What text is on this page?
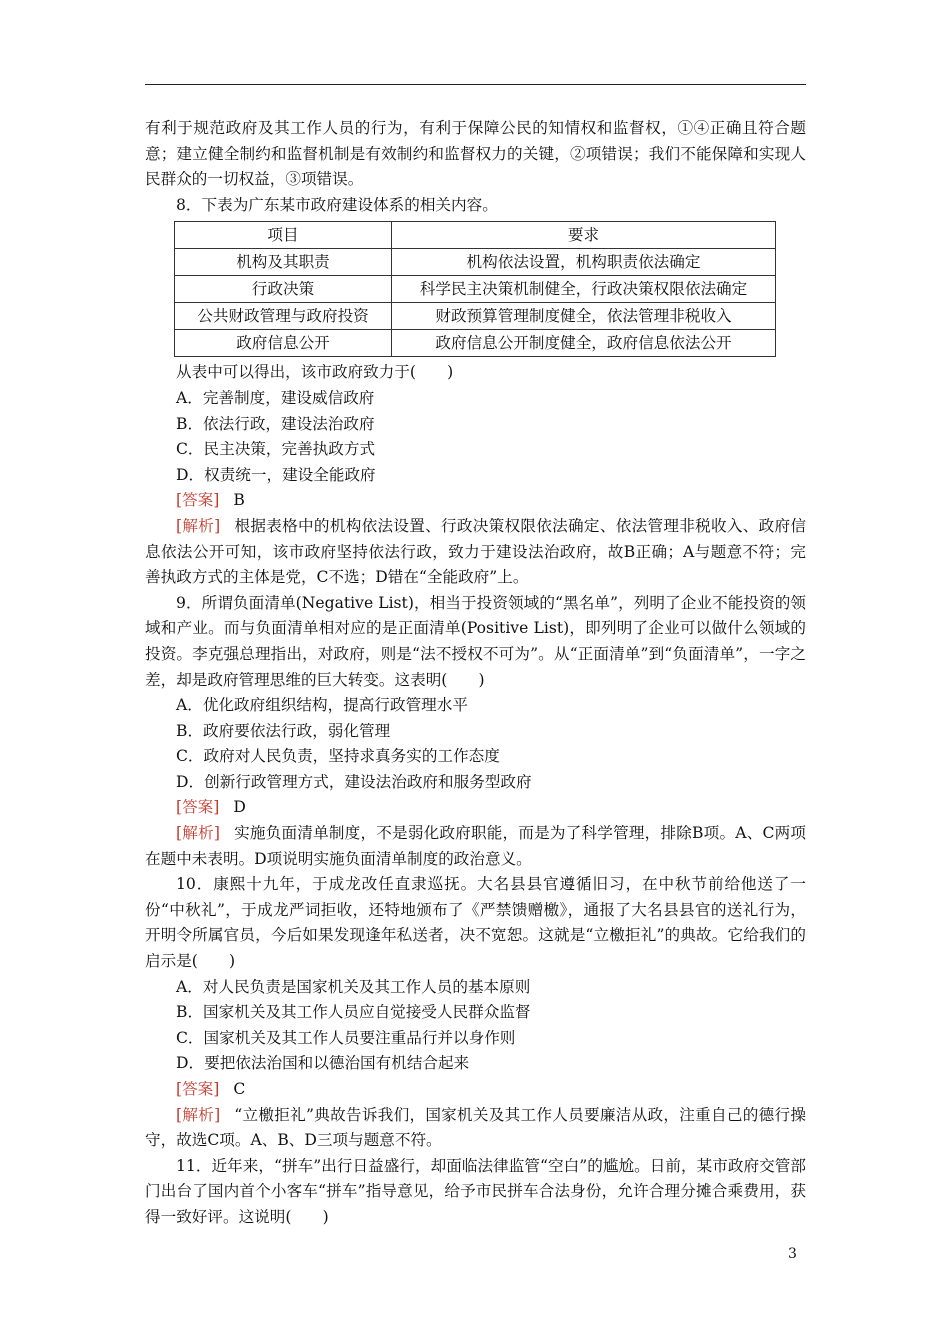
有利于规范政府及其工作人员的行为，有利于保障公民的知情权和监督权，①④正确且符合题意；建立健全制约和监督机制是有效制约和监督权力的关键，②项错误；我们不能保障和实现人民群众的一切权益，③项错误。

8．下表为广东某市政府建设体系的相关内容。

项目	要求
机构及其职责	机构依法设置，机构职责依法确定
行政决策	科学民主决策机制健全，行政决策权限依法确定
公共财政管理与政府投资	财政预算管理制度健全，依法管理非税收入
政府信息公开	政府信息公开制度健全，政府信息依法公开

从表中可以得出，该市政府致力于(　　)

A．完善制度，建设威信政府

B．依法行政，建设法治政府

C．民主决策，完善执政方式

D．权责统一，建设全能政府

[答案] B

[解析] 根据表格中的机构依法设置、行政决策权限依法确定、依法管理非税收入、政府信息依法公开可知，该市政府坚持依法行政，致力于建设法治政府，故B正确；A与题意不符；完善执政方式的主体是党，C不选；D错在“全能政府”上。

9．所谓负面清单(Negative List)，相当于投资领域的“黑名单”，列明了企业不能投资的领域和产业。而与负面清单相对应的是正面清单(Positive List)，即列明了企业可以做什么领域的投资。李克强总理指出，对政府，则是“法不授权不可为”。从“正面清单”到“负面清单”，一字之差，却是政府管理思维的巨大转变。这表明(　　)

A．优化政府组织结构，提高行政管理水平

B．政府要依法行政，弱化管理

C．政府对人民负责，坚持求真务实的工作态度

D．创新行政管理方式，建设法治政府和服务型政府

[答案] D

[解析] 实施负面清单制度，不是弱化政府职能，而是为了科学管理，排除B项。A、C两项在题中未表明。D项说明实施负面清单制度的政治意义。

10．康熙十九年，于成龙改任直隶巡抚。大名县县官遵循旧习，在中秋节前给他送了一份“中秋礼”，于成龙严词拒收，还特地颁布了《严禁馈赠檄》，通报了大名县县官的送礼行为，开明令所属官员，今后如果发现逢年私送者，决不宽恕。这就是“立檄拒礼”的典故。它给我们的启示是(　　)

A．对人民负责是国家机关及其工作人员的基本原则

B．国家机关及其工作人员应自觉接受人民群众监督

C．国家机关及其工作人员要注重品行并以身作则

D．要把依法治国和以德治国有机结合起来

[答案] C

[解析] “立檄拒礼”典故告诉我们，国家机关及其工作人员要廉洁从政，注重自己的德行操守，故选C项。A、B、D三项与题意不符。

11．近年来，“拼车”出行日益盛行，却面临法律监管“空白”的尴尬。日前，某市政府交管部门出台了国内首个小客车“拼车”指导意见，给予市民拼车合法身份，允许合理分摊合乘费用，获得一致好评。这说明(　　)

3
